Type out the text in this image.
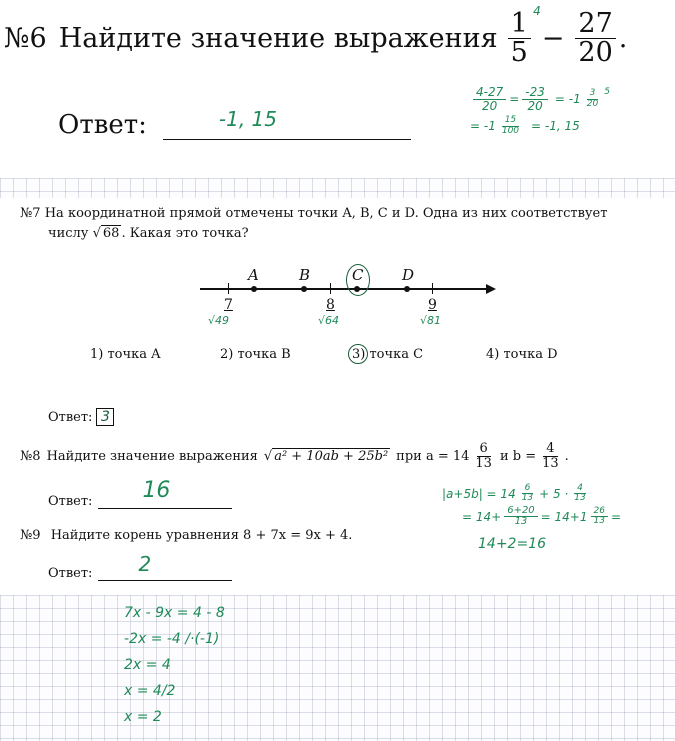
№6 Найдите значение выражения 1
5
4
− $\frac{27}{20}$ .
Ответ:	-1, 15
$\frac{4-27}{20} = \frac{-23}{20} = -1 \frac{3}{20} 5$
= $-1 \frac{15}{100} = -1$, 15
№7 На координатной прямой отмечены точки A, B, C и D. Одна из них соответствует
числу √ 68 . Какая это точка?
A	B	C	D
7	8	9
√49	√64	√81
1) точка A	2) точка B	3) точка C	4) точка D
Ответ: 3
№8 Найдите значение выражения √ a² + 10ab + 25b² при $a = 14 \frac{6}{13}$ и $b = \frac{4}{13}$ .
Ответ: 16
№9 Найдите корень уравнения 8 + 7x = 9x + 4.
Ответ: 2
$|a+5b| = 14 \frac{6}{13} + 5 \cdot \frac{4}{13}$
= $14+ \frac{6+20}{13} = 14+1 \frac{26}{13}$ =
14+2=16
7x - 9x = 4 - 8
-2x = -4 /·(-1)
2x = 4
x = 4/2
x = 2
